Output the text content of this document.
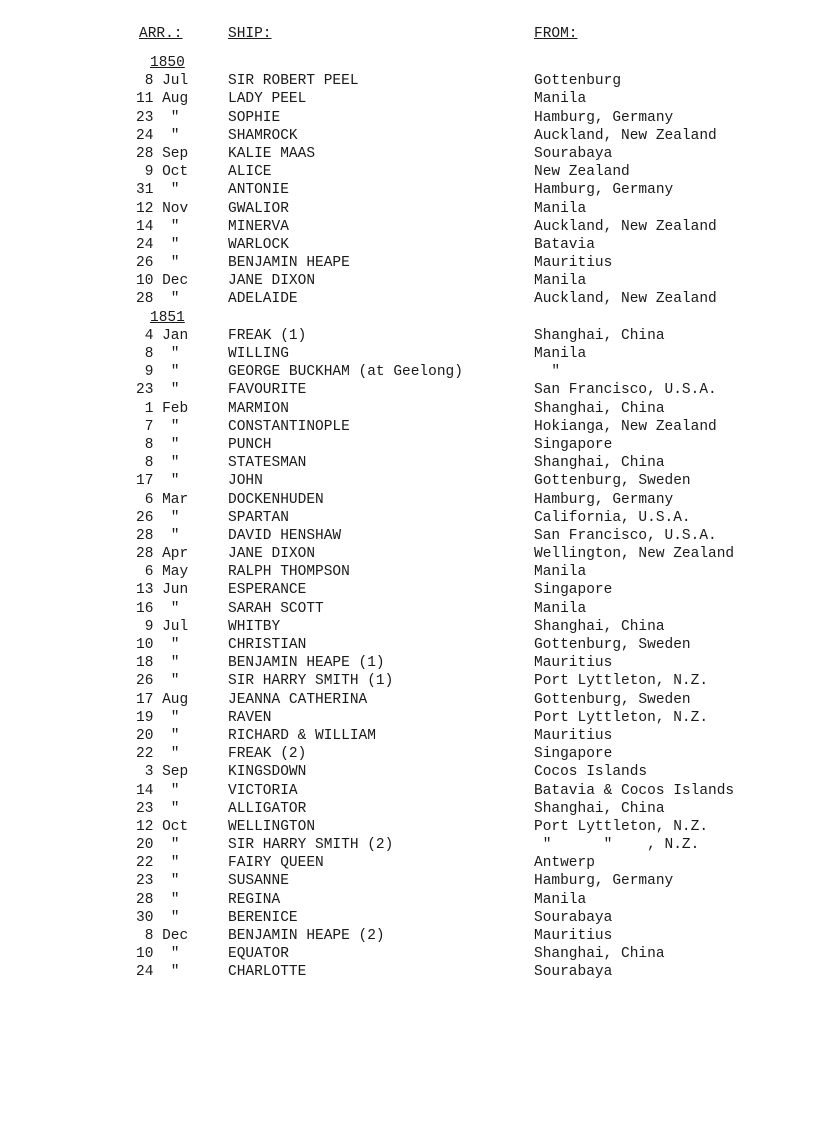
ARR.:	SHIP:	FROM:
1850
8 Jul	SIR ROBERT PEEL	Gottenburg
11 Aug	LADY PEEL	Manila
23  "	SOPHIE	Hamburg, Germany
24  "	SHAMROCK	Auckland, New Zealand
28 Sep	KALIE MAAS	Sourabaya
9 Oct	ALICE	New Zealand
31  "	ANTONIE	Hamburg, Germany
12 Nov	GWALIOR	Manila
14  "	MINERVA	Auckland, New Zealand
24  "	WARLOCK	Batavia
26  "	BENJAMIN HEAPE	Mauritius
10 Dec	JANE DIXON	Manila
28  "	ADELAIDE	Auckland, New Zealand
1851
4 Jan	FREAK (1)	Shanghai, China
8  "	WILLING	Manila
9  "	GEORGE BUCKHAM (at Geelong)	"
23  "	FAVOURITE	San Francisco, U.S.A.
1 Feb	MARMION	Shanghai, China
7  "	CONSTANTINOPLE	Hokianga, New Zealand
8  "	PUNCH	Singapore
8  "	STATESMAN	Shanghai, China
17  "	JOHN	Gottenburg, Sweden
6 Mar	DOCKENHUDEN	Hamburg, Germany
26  "	SPARTAN	California, U.S.A.
28  "	DAVID HENSHAW	San Francisco, U.S.A.
28 Apr	JANE DIXON	Wellington, New Zealand
6 May	RALPH THOMPSON	Manila
13 Jun	ESPERANCE	Singapore
16  "	SARAH SCOTT	Manila
9 Jul	WHITBY	Shanghai, China
10  "	CHRISTIAN	Gottenburg, Sweden
18  "	BENJAMIN HEAPE (1)	Mauritius
26  "	SIR HARRY SMITH (1)	Port Lyttleton, N.Z.
17 Aug	JEANNA CATHERINA	Gottenburg, Sweden
19  "	RAVEN	Port Lyttleton, N.Z.
20  "	RICHARD & WILLIAM	Mauritius
22  "	FREAK (2)	Singapore
3 Sep	KINGSDOWN	Cocos Islands
14  "	VICTORIA	Batavia & Cocos Islands
23  "	ALLIGATOR	Shanghai, China
12 Oct	WELLINGTON	Port Lyttleton, N.Z.
20  "	SIR HARRY SMITH (2)	"      "    , N.Z.
22  "	FAIRY QUEEN	Antwerp
23  "	SUSANNE	Hamburg, Germany
28  "	REGINA	Manila
30  "	BERENICE	Sourabaya
8 Dec	BENJAMIN HEAPE (2)	Mauritius
10  "	EQUATOR	Shanghai, China
24  "	CHARLOTTE	Sourabaya
